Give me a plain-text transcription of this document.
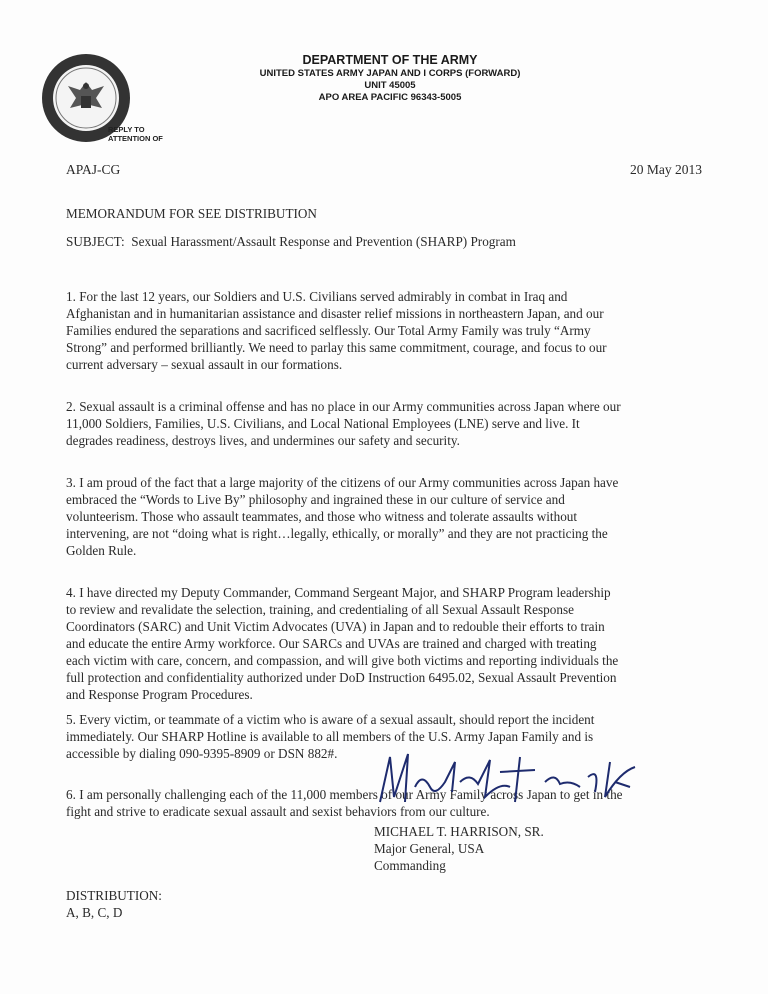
DEPARTMENT OF THE ARMY
UNITED STATES ARMY JAPAN AND I CORPS (FORWARD)
UNIT 45005
APO AREA PACIFIC 96343-5005
REPLY TO
ATTENTION OF
APAJ-CG	20 May 2013
MEMORANDUM FOR SEE DISTRIBUTION
SUBJECT:  Sexual Harassment/Assault Response and Prevention (SHARP) Program
1. For the last 12 years, our Soldiers and U.S. Civilians served admirably in combat in Iraq and
Afghanistan and in humanitarian assistance and disaster relief missions in northeastern Japan, and our
Families endured the separations and sacrificed selflessly. Our Total Army Family was truly “Army
Strong” and performed brilliantly. We need to parlay this same commitment, courage, and focus to our
current adversary – sexual assault in our formations.
2. Sexual assault is a criminal offense and has no place in our Army communities across Japan where our
11,000 Soldiers, Families, U.S. Civilians, and Local National Employees (LNE) serve and live. It
degrades readiness, destroys lives, and undermines our safety and security.
3. I am proud of the fact that a large majority of the citizens of our Army communities across Japan have
embraced the “Words to Live By” philosophy and ingrained these in our culture of service and
volunteerism. Those who assault teammates, and those who witness and tolerate assaults without
intervening, are not “doing what is right…legally, ethically, or morally” and they are not practicing the
Golden Rule.
4. I have directed my Deputy Commander, Command Sergeant Major, and SHARP Program leadership
to review and revalidate the selection, training, and credentialing of all Sexual Assault Response
Coordinators (SARC) and Unit Victim Advocates (UVA) in Japan and to redouble their efforts to train
and educate the entire Army workforce. Our SARCs and UVAs are trained and charged with treating
each victim with care, concern, and compassion, and will give both victims and reporting individuals the
full protection and confidentiality authorized under DoD Instruction 6495.02, Sexual Assault Prevention
and Response Program Procedures.
5. Every victim, or teammate of a victim who is aware of a sexual assault, should report the incident
immediately. Our SHARP Hotline is available to all members of the U.S. Army Japan Family and is
accessible by dialing 090-9395-8909 or DSN 882#.
6. I am personally challenging each of the 11,000 members of our Army Family across Japan to get in the
fight and strive to eradicate sexual assault and sexist behaviors from our culture.
MICHAEL T. HARRISON, SR.
Major General, USA
Commanding
DISTRIBUTION:
A, B, C, D
